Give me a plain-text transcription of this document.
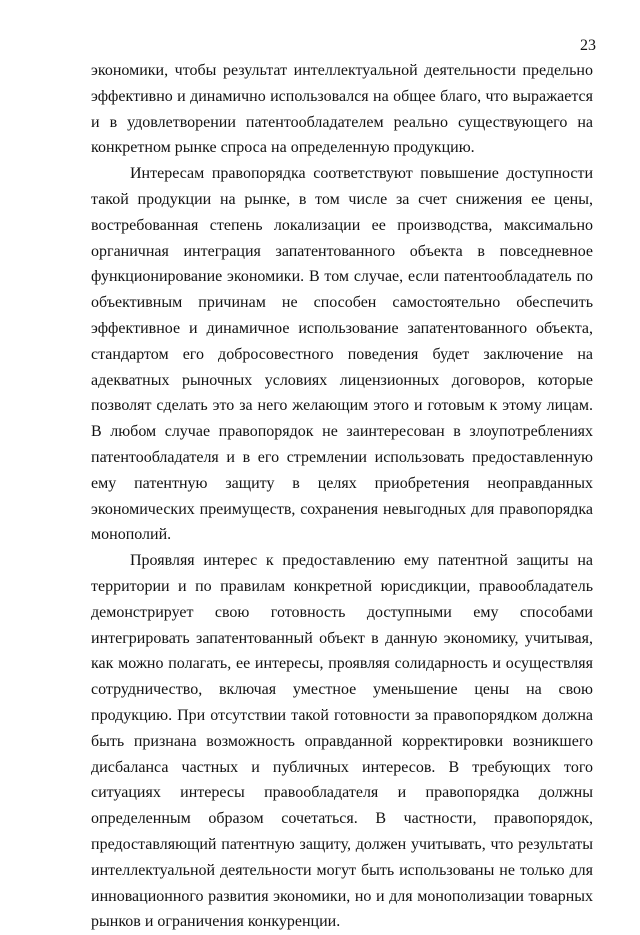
23

экономики, чтобы результат интеллектуальной деятельности предельно эффективно и динамично использовался на общее благо, что выражается и в удовлетворении патентообладателем реально существующего на конкретном рынке спроса на определенную продукцию.

Интересам правопорядка соответствуют повышение доступности такой продукции на рынке, в том числе за счет снижения ее цены, востребованная степень локализации ее производства, максимально органичная интеграция запатентованного объекта в повседневное функционирование экономики. В том случае, если патентообладатель по объективным причинам не способен самостоятельно обеспечить эффективное и динамичное использование запатентованного объекта, стандартом его добросовестного поведения будет заключение на адекватных рыночных условиях лицензионных договоров, которые позволят сделать это за него желающим этого и готовым к этому лицам. В любом случае правопорядок не заинтересован в злоупотреблениях патентообладателя и в его стремлении использовать предоставленную ему патентную защиту в целях приобретения неоправданных экономических преимуществ, сохранения невыгодных для правопорядка монополий.

Проявляя интерес к предоставлению ему патентной защиты на территории и по правилам конкретной юрисдикции, правообладатель демонстрирует свою готовность доступными ему способами интегрировать запатентованный объект в данную экономику, учитывая, как можно полагать, ее интересы, проявляя солидарность и осуществляя сотрудничество, включая уместное уменьшение цены на свою продукцию. При отсутствии такой готовности за правопорядком должна быть признана возможность оправданной корректировки возникшего дисбаланса частных и публичных интересов. В требующих того ситуациях интересы правообладателя и правопорядка должны определенным образом сочетаться. В частности, правопорядок, предоставляющий патентную защиту, должен учитывать, что результаты интеллектуальной деятельности могут быть использованы не только для инновационного развития экономики, но и для монополизации товарных рынков и ограничения конкуренции.
